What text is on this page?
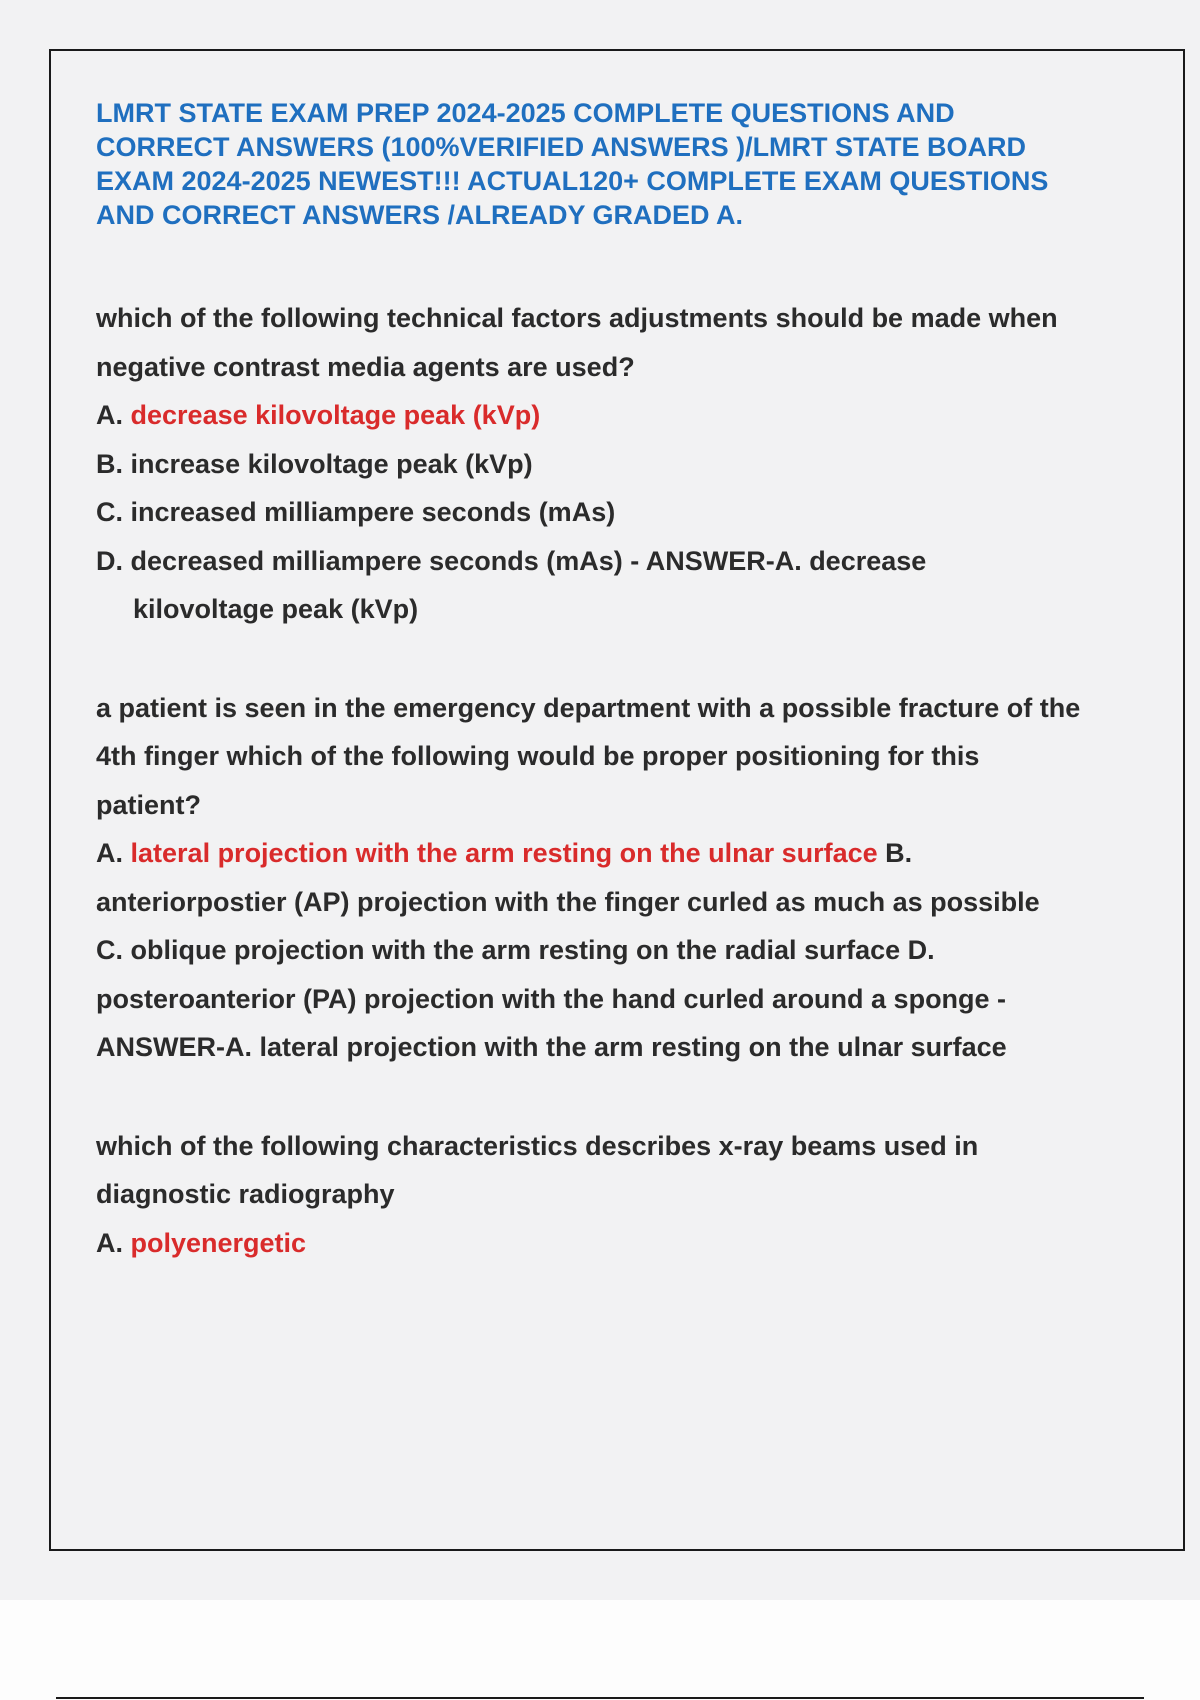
LMRT STATE EXAM PREP 2024-2025 COMPLETE QUESTIONS AND CORRECT ANSWERS (100%VERIFIED ANSWERS )/LMRT STATE BOARD EXAM 2024-2025 NEWEST!!! ACTUAL120+ COMPLETE EXAM QUESTIONS AND CORRECT ANSWERS /ALREADY GRADED A.

which of the following technical factors adjustments should be made when negative contrast media agents are used?

A. decrease kilovoltage peak (kVp)

B. increase kilovoltage peak (kVp)

C. increased milliampere seconds (mAs)

D. decreased milliampere seconds (mAs) - ANSWER-A. decrease

kilovoltage peak (kVp)

a patient is seen in the emergency department with a possible fracture of the 4th finger which of the following would be proper positioning for this patient?

A. lateral projection with the arm resting on the ulnar surface B. anteriorpostier (AP) projection with the finger curled as much as possible

C. oblique projection with the arm resting on the radial surface D. posteroanterior (PA) projection with the hand curled around a sponge - ANSWER-A. lateral projection with the arm resting on the ulnar surface

which of the following characteristics describes x-ray beams used in diagnostic radiography

A. polyenergetic
